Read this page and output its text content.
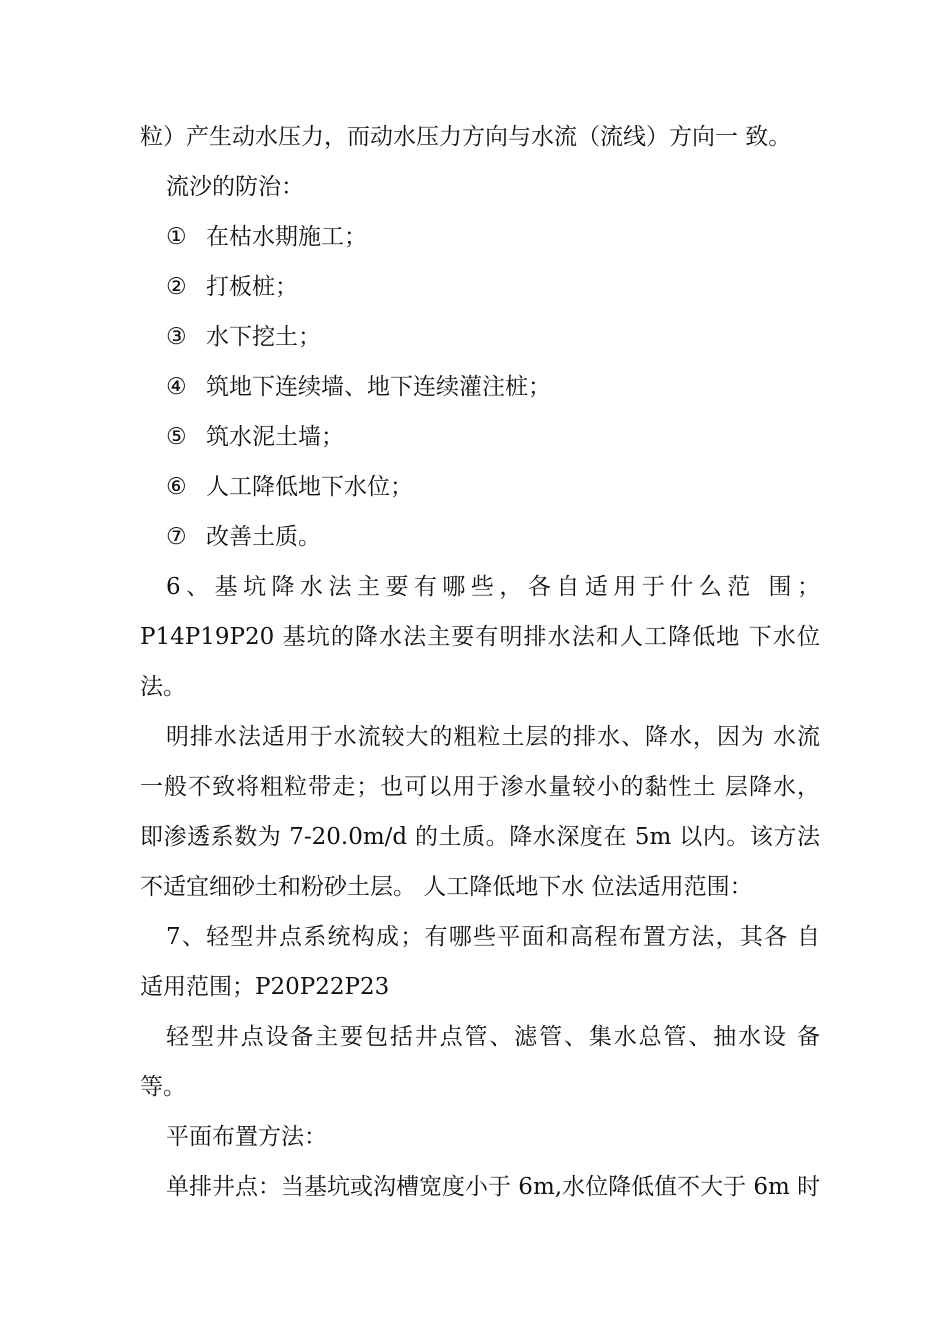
粒）产生动水压力，而动水压力方向与水流（流线）方向一 致。
流沙的防治：
① 在枯水期施工；
② 打板桩；
③ 水下挖土；
④ 筑地下连续墙、地下连续灌注桩；
⑤ 筑水泥土墙；
⑥ 人工降低地下水位；
⑦ 改善土质。
6、基坑降水法主要有哪些，各自适用于什么范 围；
P14P19P20 基坑的降水法主要有明排水法和人工降低地 下水位
法。
明排水法适用于水流较大的粗粒土层的排水、降水，因为 水流
一般不致将粗粒带走；也可以用于渗水量较小的黏性土 层降水，
即渗透系数为 7-20.0m/d 的土质。降水深度在 5m 以内。该方法
不适宜细砂土和粉砂土层。 人工降低地下水 位法适用范围：
7、轻型井点系统构成；有哪些平面和高程布置方法，其各 自
适用范围；P20P22P23
轻型井点设备主要包括井点管、滤管、集水总管、抽水设 备
等。
平面布置方法：
单排井点：当基坑或沟槽宽度小于 6m,水位降低值不大于 6m 时
